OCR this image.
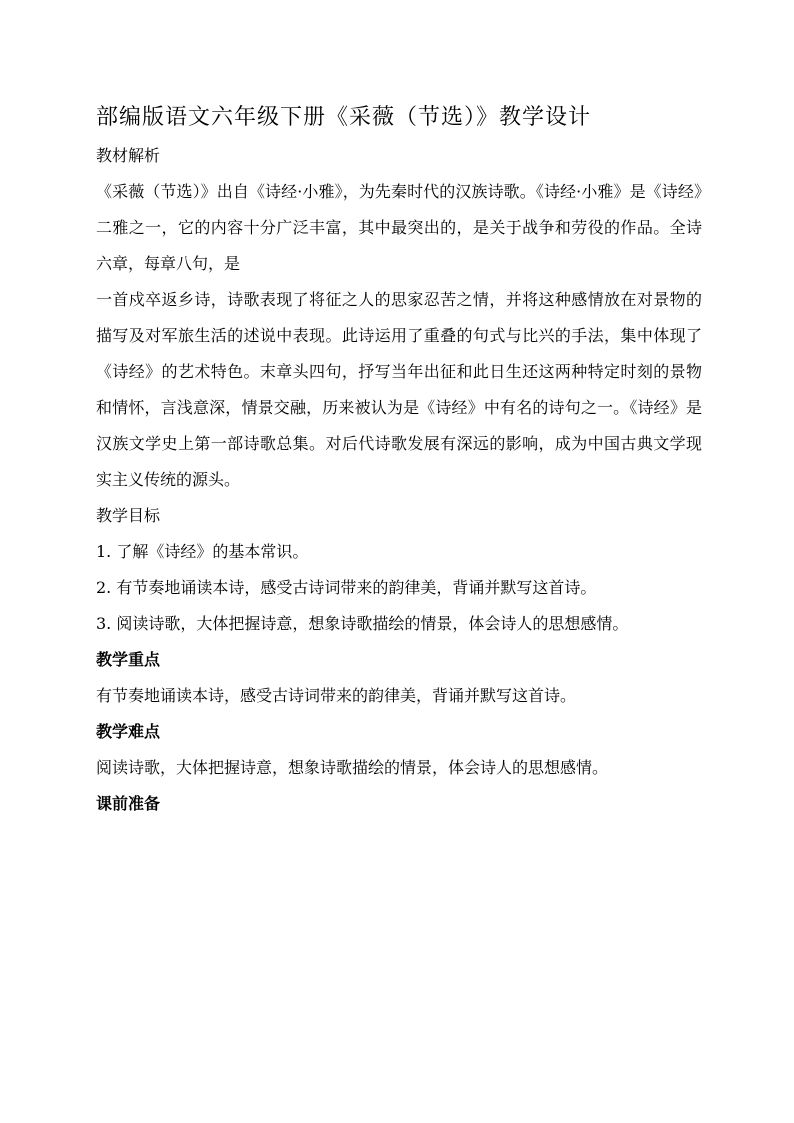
部编版语文六年级下册《采薇（节选）》教学设计
教材解析

《采薇（节选）》出自《诗经·小雅》，为先秦时代的汉族诗歌。《诗经·小雅》是《诗经》二雅之一，它的内容十分广泛丰富，其中最突出的，是关于战争和劳役的作品。全诗六章，每章八句，是

一首戍卒返乡诗，诗歌表现了将征之人的思家忍苦之情，并将这种感情放在对景物的描写及对军旅生活的述说中表现。此诗运用了重叠的句式与比兴的手法，集中体现了《诗经》的艺术特色。末章头四句，抒写当年出征和此日生还这两种特定时刻的景物和情怀，言浅意深，情景交融，历来被认为是《诗经》中有名的诗句之一。《诗经》是汉族文学史上第一部诗歌总集。对后代诗歌发展有深远的影响，成为中国古典文学现实主义传统的源头。

教学目标

1. 了解《诗经》的基本常识。

2. 有节奏地诵读本诗，感受古诗词带来的韵律美，背诵并默写这首诗。

3. 阅读诗歌，大体把握诗意，想象诗歌描绘的情景，体会诗人的思想感情。

教学重点

有节奏地诵读本诗，感受古诗词带来的韵律美，背诵并默写这首诗。

教学难点

阅读诗歌，大体把握诗意，想象诗歌描绘的情景，体会诗人的思想感情。

课前准备
